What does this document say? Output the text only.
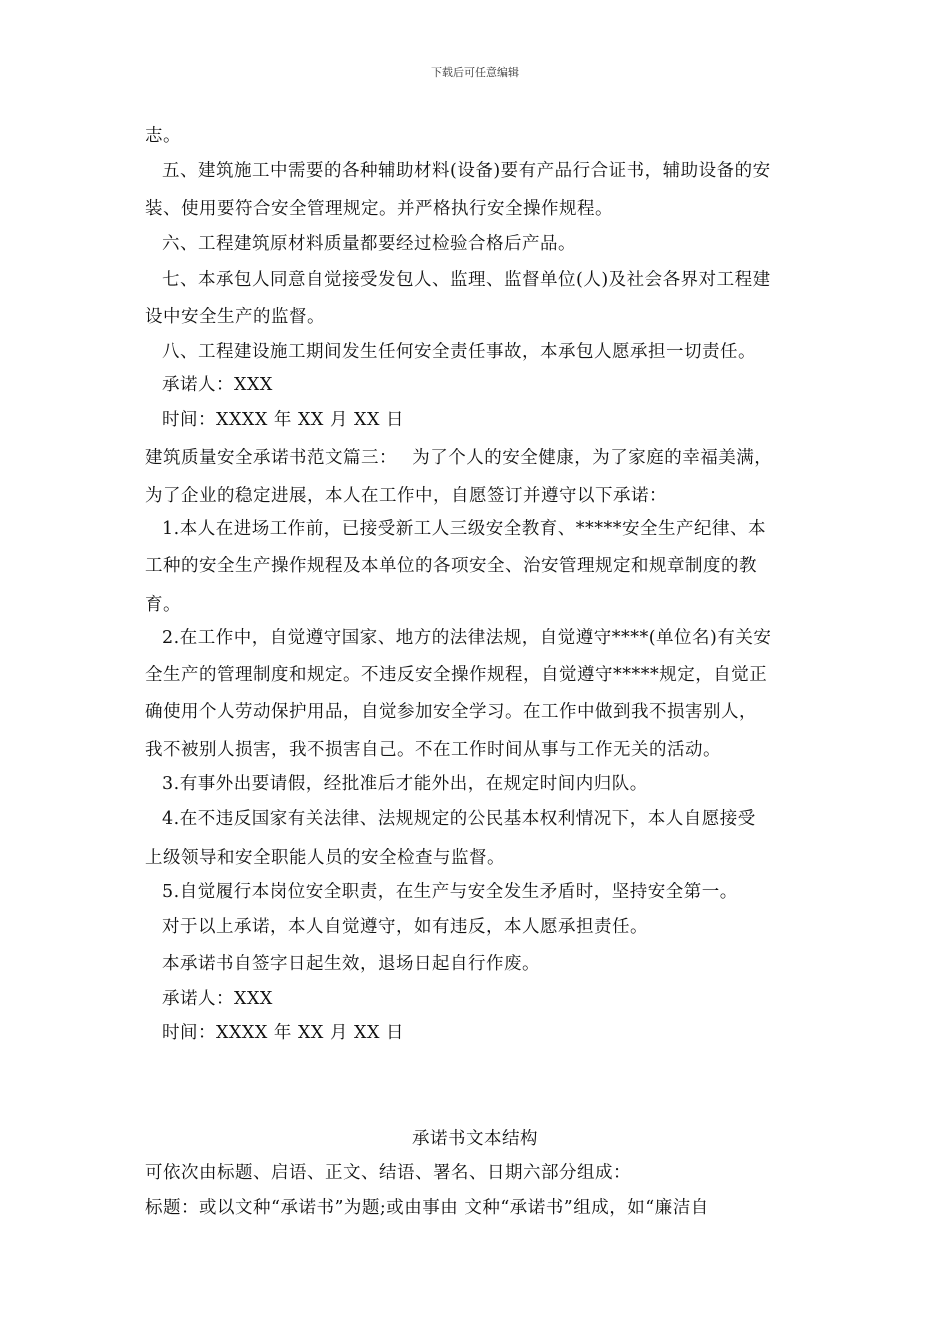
下载后可任意编辑
志。
五、建筑施工中需要的各种辅助材料(设备)要有产品行合证书，辅助设备的安
装、使用要符合安全管理规定。并严格执行安全操作规程。
六、工程建筑原材料质量都要经过检验合格后产品。
七、本承包人同意自觉接受发包人、监理、监督单位(人)及社会各界对工程建
设中安全生产的监督。
八、工程建设施工期间发生任何安全责任事故，本承包人愿承担一切责任。
承诺人：XXX
时间：XXXX 年 XX 月 XX 日
建筑质量安全承诺书范文篇三：　 为了个人的安全健康，为了家庭的幸福美满，
为了企业的稳定进展，本人在工作中，自愿签订并遵守以下承诺：
1.本人在进场工作前，已接受新工人三级安全教育、*****安全生产纪律、本
工种的安全生产操作规程及本单位的各项安全、治安管理规定和规章制度的教
育。
2.在工作中，自觉遵守国家、地方的法律法规，自觉遵守****(单位名)有关安
全生产的管理制度和规定。不违反安全操作规程，自觉遵守*****规定，自觉正
确使用个人劳动保护用品，自觉参加安全学习。在工作中做到我不损害别人，
我不被别人损害，我不损害自己。不在工作时间从事与工作无关的活动。
3.有事外出要请假，经批准后才能外出，在规定时间内归队。
4.在不违反国家有关法律、法规规定的公民基本权利情况下，本人自愿接受
上级领导和安全职能人员的安全检查与监督。
5.自觉履行本岗位安全职责，在生产与安全发生矛盾时，坚持安全第一。
对于以上承诺，本人自觉遵守，如有违反，本人愿承担责任。
本承诺书自签字日起生效，退场日起自行作废。
承诺人：XXX
时间：XXXX 年 XX 月 XX 日
承诺书文本结构
可依次由标题、启语、正文、结语、署名、日期六部分组成：
标题：或以文种“承诺书”为题;或由事由 文种“承诺书”组成，如“廉洁自
